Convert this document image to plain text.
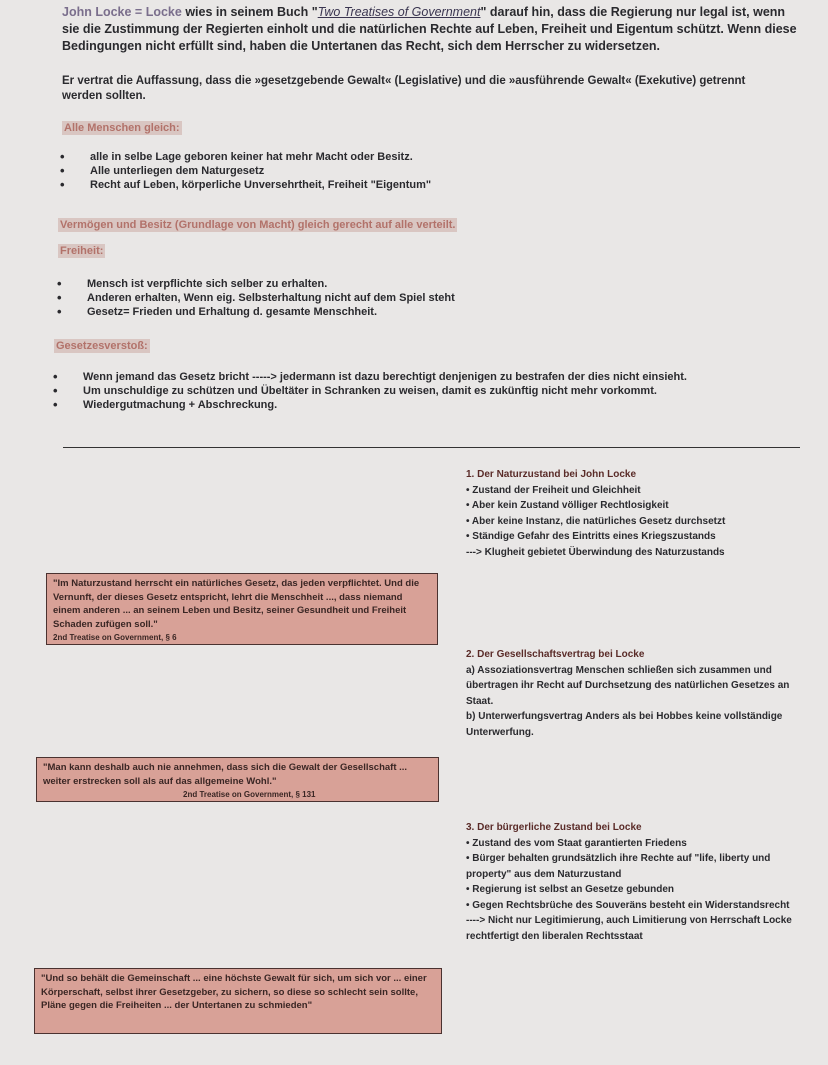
John Locke = Locke wies in seinem Buch "Two Treatises of Government" darauf hin, dass die Regierung nur legal ist, wenn sie die Zustimmung der Regierten einholt und die natürlichen Rechte auf Leben, Freiheit und Eigentum schützt. Wenn diese Bedingungen nicht erfüllt sind, haben die Untertanen das Recht, sich dem Herrscher zu widersetzen.
Er vertrat die Auffassung, dass die »gesetzgebende Gewalt« (Legislative) und die »ausführende Gewalt« (Exekutive) getrennt werden sollten.
Alle Menschen gleich:
• alle in selbe Lage geboren keiner hat mehr Macht oder Besitz.
• Alle unterliegen dem Naturgesetz
• Recht auf Leben, körperliche Unversehrtheit, Freiheit "Eigentum"
Vermögen und Besitz (Grundlage von Macht) gleich gerecht auf alle verteilt.
Freiheit:
• Mensch ist verpflichte sich selber zu erhalten.
• Anderen erhalten, Wenn eig. Selbsterhaltung nicht auf dem Spiel steht
• Gesetz= Frieden und Erhaltung d. gesamte Menschheit.
Gesetzesverstoß:
• Wenn jemand das Gesetz bricht -----> jedermann ist dazu berechtigt denjenigen zu bestrafen der dies nicht einsieht.
• Um unschuldige zu schützen und Übeltäter in Schranken zu weisen, damit es zukünftig nicht mehr vorkommt.
• Wiedergutmachung + Abschreckung.
1. Der Naturzustand bei John Locke
• Zustand der Freiheit und Gleichheit
• Aber kein Zustand völliger Rechtlosigkeit
• Aber keine Instanz, die natürliches Gesetz durchsetzt
• Ständige Gefahr des Eintritts eines Kriegszustands
---> Klugheit gebietet Überwindung des Naturzustands
2. Der Gesellschaftsvertrag bei Locke
a) Assoziationsvertrag Menschen schließen sich zusammen und
übertragen ihr Recht auf Durchsetzung des natürlichen Gesetzes an
Staat.
b) Unterwerfungsvertrag Anders als bei Hobbes keine vollständige
Unterwerfung.
3. Der bürgerliche Zustand bei Locke
• Zustand des vom Staat garantierten Friedens
• Bürger behalten grundsätzlich ihre Rechte auf "life, liberty und
property" aus dem Naturzustand
• Regierung ist selbst an Gesetze gebunden
• Gegen Rechtsbrüche des Souveräns besteht ein Widerstandsrecht
----> Nicht nur Legitimierung, auch Limitierung von Herrschaft Locke
rechtfertigt den liberalen Rechtsstaat
"Im Naturzustand herrscht ein natürliches Gesetz, das jeden verpflichtet. Und die Vernunft, der dieses Gesetz entspricht, lehrt die Menschheit ..., dass niemand einem anderen ... an seinem Leben und Besitz, seiner Gesundheit und Freiheit Schaden zufügen soll."
2nd Treatise on Government, § 6
"Man kann deshalb auch nie annehmen, dass sich die Gewalt der Gesellschaft ... weiter erstrecken soll als auf das allgemeine Wohl."
2nd Treatise on Government, § 131
"Und so behält die Gemeinschaft ... eine höchste Gewalt für sich, um sich vor ... einer Körperschaft, selbst ihrer Gesetzgeber, zu sichern, so diese so schlecht sein sollte, Pläne gegen die Freiheiten ... der Untertanen zu schmieden"
